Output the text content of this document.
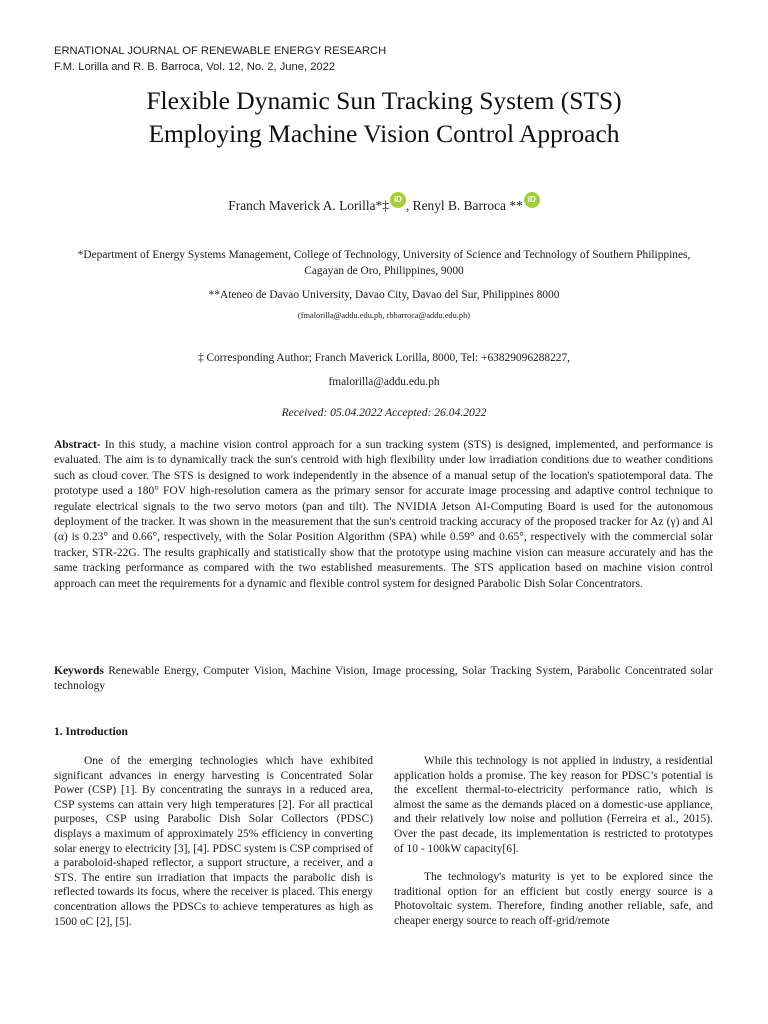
ERNATIONAL JOURNAL OF RENEWABLE ENERGY RESEARCH
F.M. Lorilla and R. B. Barroca, Vol. 12, No. 2, June, 2022
Flexible Dynamic Sun Tracking System (STS)
Employing Machine Vision Control Approach
Franch Maverick A. Lorilla*‡ iD , Renyl B. Barroca ** iD
*Department of Energy Systems Management, College of Technology, University of Science and Technology of Southern Philippines, Cagayan de Oro, Philippines, 9000
**Ateneo de Davao University, Davao City, Davao del Sur, Philippines 8000
(fmalorilla@addu.edu.ph, rbbarroca@addu.edu.ph)
‡ Corresponding Author; Franch Maverick Lorilla, 8000, Tel: +63829096288227,
fmalorilla@addu.edu.ph
Received: 05.04.2022 Accepted: 26.04.2022
Abstract- In this study, a machine vision control approach for a sun tracking system (STS) is designed, implemented, and performance is evaluated. The aim is to dynamically track the sun's centroid with high flexibility under low irradiation conditions due to weather conditions such as cloud cover. The STS is designed to work independently in the absence of a manual setup of the location's spatiotemporal data. The prototype used a 180° FOV high-resolution camera as the primary sensor for accurate image processing and adaptive control technique to regulate electrical signals to the two servo motors (pan and tilt). The NVIDIA Jetson AI-Computing Board is used for the autonomous deployment of the tracker. It was shown in the measurement that the sun's centroid tracking accuracy of the proposed tracker for Az (γ) and Al (α) is 0.23° and 0.66°, respectively, with the Solar Position Algorithm (SPA) while 0.59° and 0.65°, respectively with the commercial solar tracker, STR-22G. The results graphically and statistically show that the prototype using machine vision can measure accurately and has the same tracking performance as compared with the two established measurements. The STS application based on machine vision control approach can meet the requirements for a dynamic and flexible control system for designed Parabolic Dish Solar Concentrators.
Keywords Renewable Energy, Computer Vision, Machine Vision, Image processing, Solar Tracking System, Parabolic Concentrated solar technology
1. Introduction

One of the emerging technologies which have exhibited significant advances in energy harvesting is Concentrated Solar Power (CSP) [1]. By concentrating the sunrays in a reduced area, CSP systems can attain very high temperatures [2]. For all practical purposes, CSP using Parabolic Dish Solar Collectors (PDSC) displays a maximum of approximately 25% efficiency in converting solar energy to electricity [3], [4]. PDSC system is CSP comprised of a paraboloid-shaped reflector, a support structure, a receiver, and a STS. The entire sun irradiation that impacts the parabolic dish is reflected towards its focus, where the receiver is placed. This energy concentration allows the PDSCs to achieve temperatures as high as 1500 oC [2], [5].

While this technology is not applied in industry, a residential application holds a promise. The key reason for PDSC’s potential is the excellent thermal-to-electricity performance ratio, which is almost the same as the demands placed on a domestic-use appliance, and their relatively low noise and pollution (Ferreira et al., 2015). Over the past decade, its implementation is restricted to prototypes of 10 - 100kW capacity[6].

The technology's maturity is yet to be explored since the traditional option for an efficient but costly energy source is a Photovoltaic system. Therefore, finding another reliable, safe, and cheaper energy source to reach off-grid/remote
